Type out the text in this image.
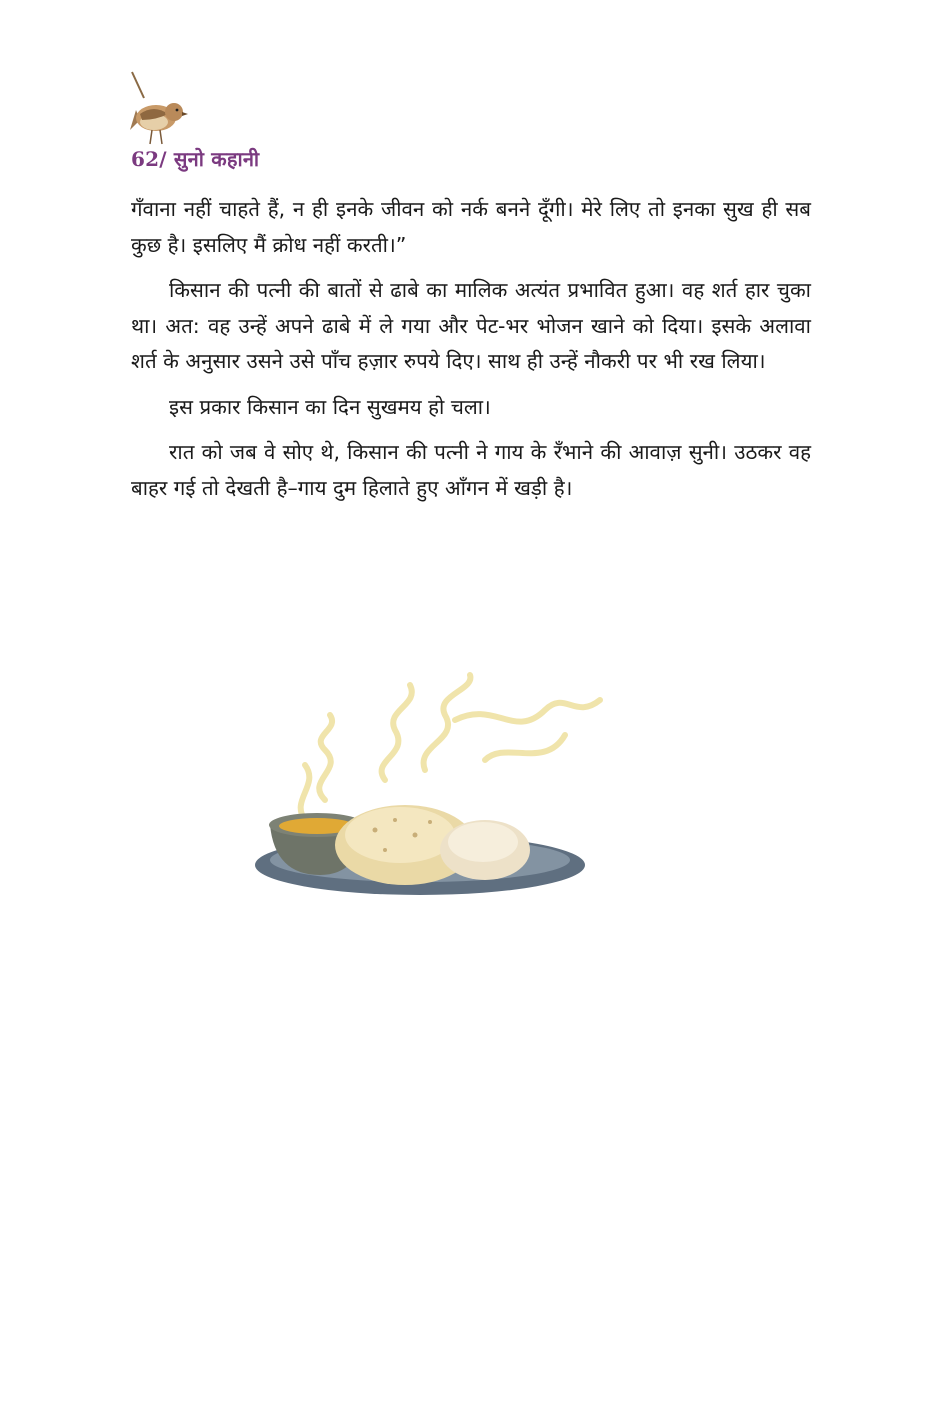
62/ सुनो कहानी

गँवाना नहीं चाहते हैं, न ही इनके जीवन को नर्क बनने दूँगी। मेरे लिए तो इनका सुख ही सब कुछ है। इसलिए मैं क्रोध नहीं करती।”

किसान की पत्नी की बातों से ढाबे का मालिक अत्यंत प्रभावित हुआ। वह शर्त हार चुका था। अत: वह उन्हें अपने ढाबे में ले गया और पेट-भर भोजन खाने को दिया। इसके अलावा शर्त के अनुसार उसने उसे पाँच हज़ार रुपये दिए। साथ ही उन्हें नौकरी पर भी रख लिया।

इस प्रकार किसान का दिन सुखमय हो चला।

रात को जब वे सोए थे, किसान की पत्नी ने गाय के रँभाने की आवाज़ सुनी। उठकर वह बाहर गई तो देखती है–गाय दुम हिलाते हुए आँगन में खड़ी है।
